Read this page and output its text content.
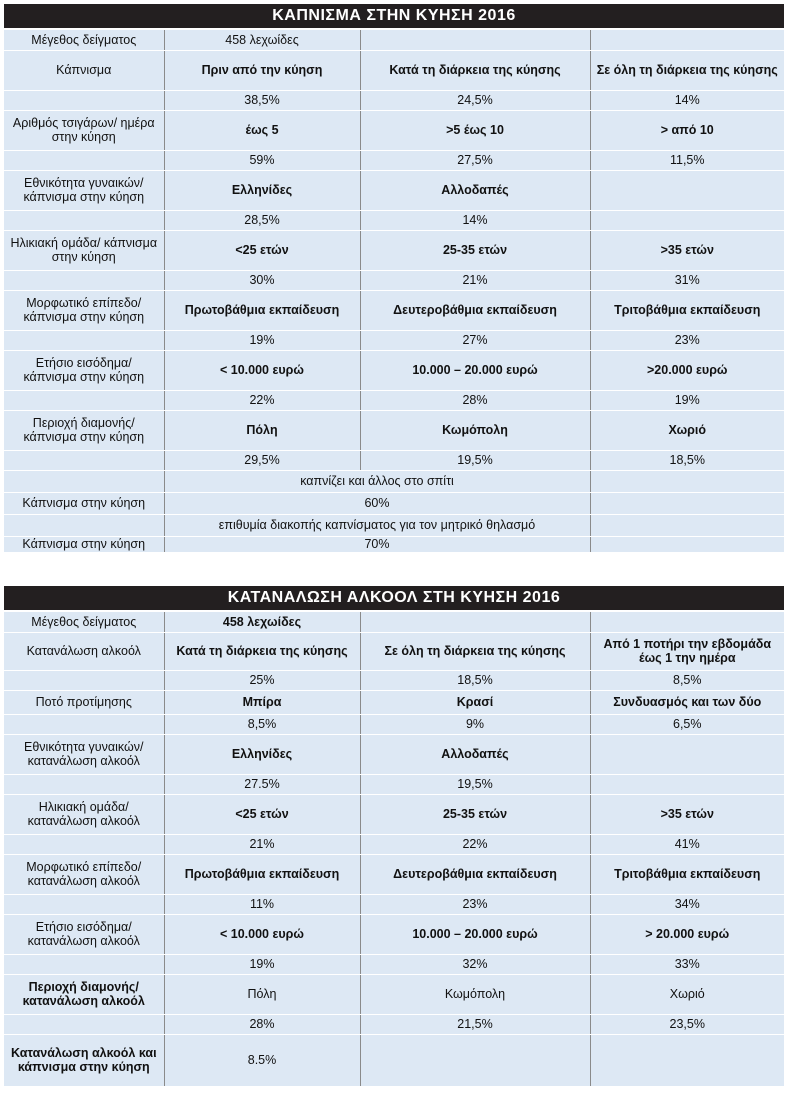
ΚΑΠΝΙΣΜΑ ΣΤΗΝ ΚΥΗΣΗ 2016
Μέγεθος δείγματος	458 λεχωίδες		
Κάπνισμα	Πριν από την κύηση	Κατά τη διάρκεια της κύησης	Σε όλη τη διάρκεια της κύησης
	38,5%	24,5%	14%
Αριθμός τσιγάρων/ ημέρα στην κύηση	έως 5	>5 έως 10	> από 10
	59%	27,5%	11,5%
Εθνικότητα γυναικών/ κάπνισμα στην κύηση	Ελληνίδες	Αλλοδαπές	
	28,5%	14%	
Ηλικιακή ομάδα/ κάπνισμα στην κύηση	<25 ετών	25-35 ετών	>35 ετών
	30%	21%	31%
Μορφωτικό επίπεδο/ κάπνισμα στην κύηση	Πρωτοβάθμια εκπαίδευση	Δευτεροβάθμια εκπαίδευση	Τριτοβάθμια εκπαίδευση
	19%	27%	23%
Ετήσιο εισόδημα/ κάπνισμα στην κύηση	< 10.000 ευρώ	10.000 – 20.000 ευρώ	>20.000 ευρώ
	22%	28%	19%
Περιοχή διαμονής/ κάπνισμα στην κύηση	Πόλη	Κωμόπολη	Χωριό
	29,5%	19,5%	18,5%
	καπνίζει και άλλος στο σπίτι		
Κάπνισμα στην κύηση	60%		
	επιθυμία διακοπής καπνίσματος για τον μητρικό θηλασμό		
Κάπνισμα στην κύηση	70%		
ΚΑΤΑΝΑΛΩΣΗ ΑΛΚΟΟΛ ΣΤΗ ΚΥΗΣΗ 2016
Μέγεθος δείγματος	458 λεχωίδες		
Κατανάλωση αλκοόλ	Κατά τη διάρκεια της κύησης	Σε όλη τη διάρκεια της κύησης	Από 1 ποτήρι την εβδομάδα έως 1 την ημέρα
	25%	18,5%	8,5%
Ποτό προτίμησης	Μπίρα	Κρασί	Συνδυασμός και των δύο
	8,5%	9%	6,5%
Εθνικότητα γυναικών/ κατανάλωση αλκοόλ	Ελληνίδες	Αλλοδαπές	
	27.5%	19,5%	
Ηλικιακή ομάδα/ κατανάλωση αλκοόλ	<25 ετών	25-35 ετών	>35 ετών
	21%	22%	41%
Μορφωτικό επίπεδο/ κατανάλωση αλκοόλ	Πρωτοβάθμια εκπαίδευση	Δευτεροβάθμια εκπαίδευση	Τριτοβάθμια εκπαίδευση
	11%	23%	34%
Ετήσιο εισόδημα/ κατανάλωση αλκοόλ	< 10.000 ευρώ	10.000 – 20.000 ευρώ	> 20.000 ευρώ
	19%	32%	33%
Περιοχή διαμονής/ κατανάλωση αλκοόλ	Πόλη	Κωμόπολη	Χωριό
	28%	21,5%	23,5%
Κατανάλωση αλκοόλ και κάπνισμα στην κύηση	8.5%		
